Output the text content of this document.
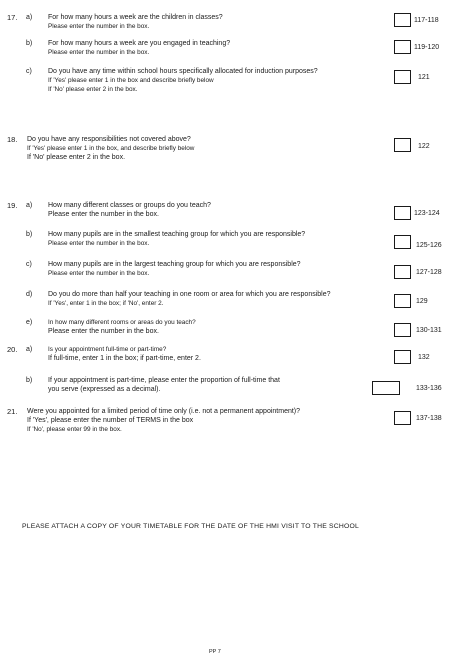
17. a) For how many hours a week are the children in classes?
Please enter the number in the box.
117-118
b) For how many hours a week are you engaged in teaching?
Please enter the number in the box.
119-120
c) Do you have any time within school hours specifically allocated for induction purposes?
If 'Yes' please enter 1 in the box and describe briefly below
If 'No' please enter 2 in the box.
121
18. Do you have any responsibilities not covered above?
If 'Yes' please enter 1 in the box, and describe briefly below
If 'No' please enter 2 in the box.
122
19. a) How many different classes or groups do you teach?
Please enter the number in the box.	123-124
b) How many pupils are in the smallest teaching group for which you are responsible?
Please enter the number in the box.	125-126
c) How many pupils are in the largest teaching group for which you are responsible?
Please enter the number in the box.	127-128
d) Do you do more than half your teaching in one room or area for which you are responsible?
If 'Yes', enter 1 in the box; if 'No', enter 2.	129
e) In how many different rooms or areas do you teach?
Please enter the number in the box.	130-131
20. a) Is your appointment full-time or part-time?
If full-time, enter 1 in the box; if part-time, enter 2.	132
b) If your appointment is part-time, please enter the proportion of full-time that
you serve (expressed as a decimal).	133-136
21. Were you appointed for a limited period of time only (i.e. not a permanent appointment)?
If 'Yes', please enter the number of TERMS in the box
If 'No', please enter 99 in the box.
137-138
PLEASE ATTACH A COPY OF YOUR TIMETABLE FOR THE DATE OF THE HMI VISIT TO THE SCHOOL
PP 7
